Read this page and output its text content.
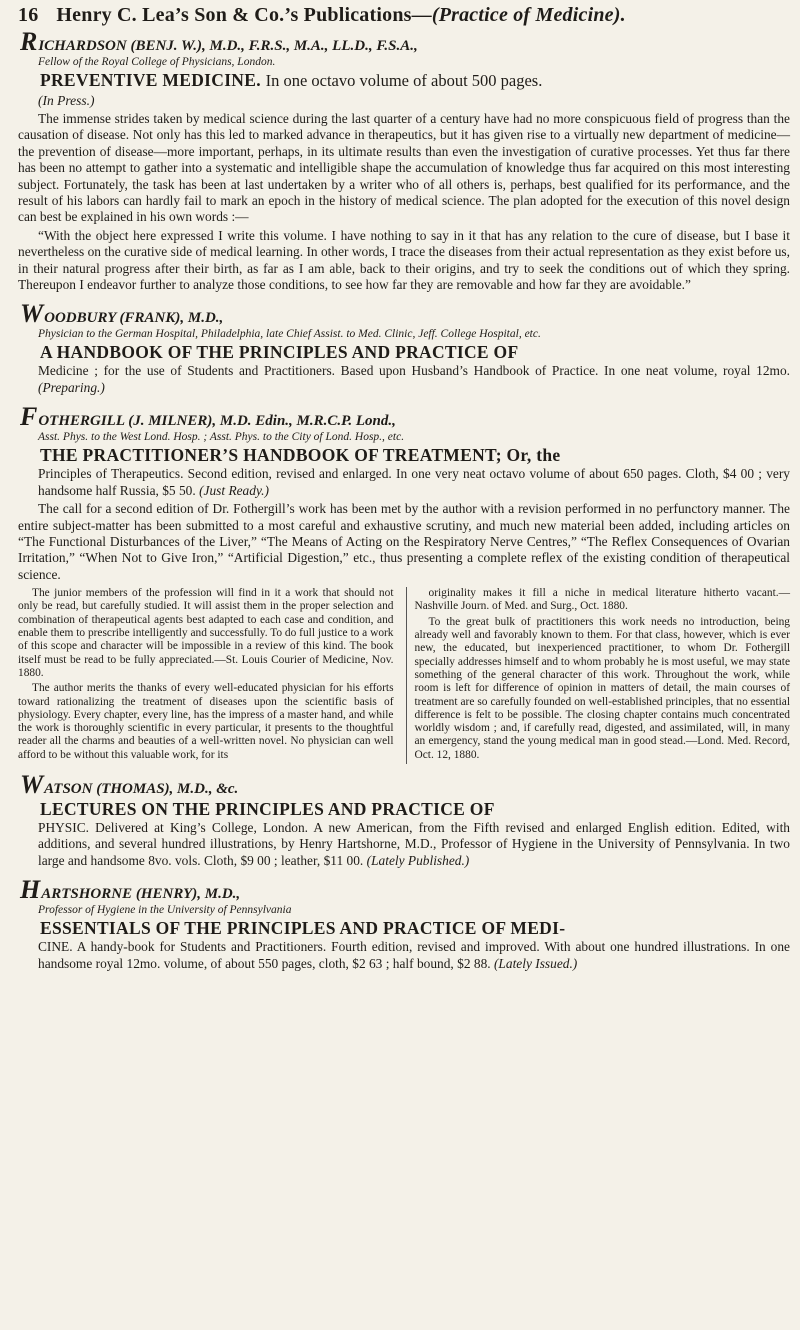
16 Henry C. Lea’s Son & Co.’s Publications—(Practice of Medicine).
RICHARDSON (BENJ. W.), M.D., F.R.S., M.A., LL.D., F.S.A.,
Fellow of the Royal College of Physicians, London.
PREVENTIVE MEDICINE. In one octavo volume of about 500 pages.
(In Press.)

The immense strides taken by medical science during the last quarter of a century have had no more conspicuous field of progress than the causation of disease. Not only has this led to marked advance in therapeutics, but it has given rise to a virtually new department of medicine—the prevention of disease—more important, perhaps, in its ultimate results than even the investigation of curative processes. Yet thus far there has been no attempt to gather into a systematic and intelligible shape the accumulation of knowledge thus far acquired on this most interesting subject. Fortunately, the task has been at last undertaken by a writer who of all others is, perhaps, best qualified for its performance, and the result of his labors can hardly fail to mark an epoch in the history of medical science. The plan adopted for the execution of this novel design can best be explained in his own words :—

“With the object here expressed I write this volume. I have nothing to say in it that has any relation to the cure of disease, but I base it nevertheless on the curative side of medical learning. In other words, I trace the diseases from their actual representation as they exist before us, in their natural progress after their birth, as far as I am able, back to their origins, and try to seek the conditions out of which they spring. Thereupon I endeavor further to analyze those conditions, to see how far they are removable and how far they are avoidable.”

WOODBURY (FRANK), M.D.,
Physician to the German Hospital, Philadelphia, late Chief Assist. to Med. Clinic, Jeff. College Hospital, etc.
A HANDBOOK OF THE PRINCIPLES AND PRACTICE OF
Medicine ; for the use of Students and Practitioners. Based upon Husband’s Handbook of Practice. In one neat volume, royal 12mo. (Preparing.)
FOTHERGILL (J. MILNER), M.D. Edin., M.R.C.P. Lond.,
Asst. Phys. to the West Lond. Hosp. ; Asst. Phys. to the City of Lond. Hosp., etc.
THE PRACTITIONER’S HANDBOOK OF TREATMENT; Or, the
Principles of Therapeutics. Second edition, revised and enlarged. In one very neat octavo volume of about 650 pages. Cloth, $4 00 ; very handsome half Russia, $5 50. (Just Ready.)

The call for a second edition of Dr. Fothergill’s work has been met by the author with a revision performed in no perfunctory manner. The entire subject-matter has been submitted to a most careful and exhaustive scrutiny, and much new material been added, including articles on “The Functional Disturbances of the Liver,” “The Means of Acting on the Respiratory Nerve Centres,” “The Reflex Consequences of Ovarian Irritation,” “When Not to Give Iron,” “Artificial Digestion,” etc., thus presenting a complete reflex of the existing condition of therapeutical science.

The junior members of the profession will find in it a work that should not only be read, but carefully studied. It will assist them in the proper selection and combination of therapeutical agents best adapted to each case and condition, and enable them to prescribe intelligently and successfully. To do full justice to a work of this scope and character will be impossible in a review of this kind. The book itself must be read to be fully appreciated.—St. Louis Courier of Medicine, Nov. 1880.

The author merits the thanks of every well-educated physician for his efforts toward rationalizing the treatment of diseases upon the scientific basis of physiology. Every chapter, every line, has the impress of a master hand, and while the work is thoroughly scientific in every particular, it presents to the thoughtful reader all the charms and beauties of a well-written novel. No physician can well afford to be without this valuable work, for its

originality makes it fill a niche in medical literature hitherto vacant.—Nashville Journ. of Med. and Surg., Oct. 1880.

To the great bulk of practitioners this work needs no introduction, being already well and favorably known to them. For that class, however, which is ever new, the educated, but inexperienced practitioner, to whom Dr. Fothergill specially addresses himself and to whom probably he is most useful, we may state something of the general character of this work. Throughout the work, while room is left for difference of opinion in matters of detail, the main courses of treatment are so carefully founded on well-established principles, that no essential difference is felt to be possible. The closing chapter contains much concentrated worldly wisdom ; and, if carefully read, digested, and assimilated, will, in many an emergency, stand the young medical man in good stead.—Lond. Med. Record, Oct. 12, 1880.

WATSON (THOMAS), M.D., &c.
LECTURES ON THE PRINCIPLES AND PRACTICE OF
PHYSIC. Delivered at King’s College, London. A new American, from the Fifth revised and enlarged English edition. Edited, with additions, and several hundred illustrations, by Henry Hartshorne, M.D., Professor of Hygiene in the University of Pennsylvania. In two large and handsome 8vo. vols. Cloth, $9 00 ; leather, $11 00. (Lately Published.)
HARTSHORNE (HENRY), M.D.,
Professor of Hygiene in the University of Pennsylvania
ESSENTIALS OF THE PRINCIPLES AND PRACTICE OF MEDI-
CINE. A handy-book for Students and Practitioners. Fourth edition, revised and improved. With about one hundred illustrations. In one handsome royal 12mo. volume, of about 550 pages, cloth, $2 63 ; half bound, $2 88. (Lately Issued.)
